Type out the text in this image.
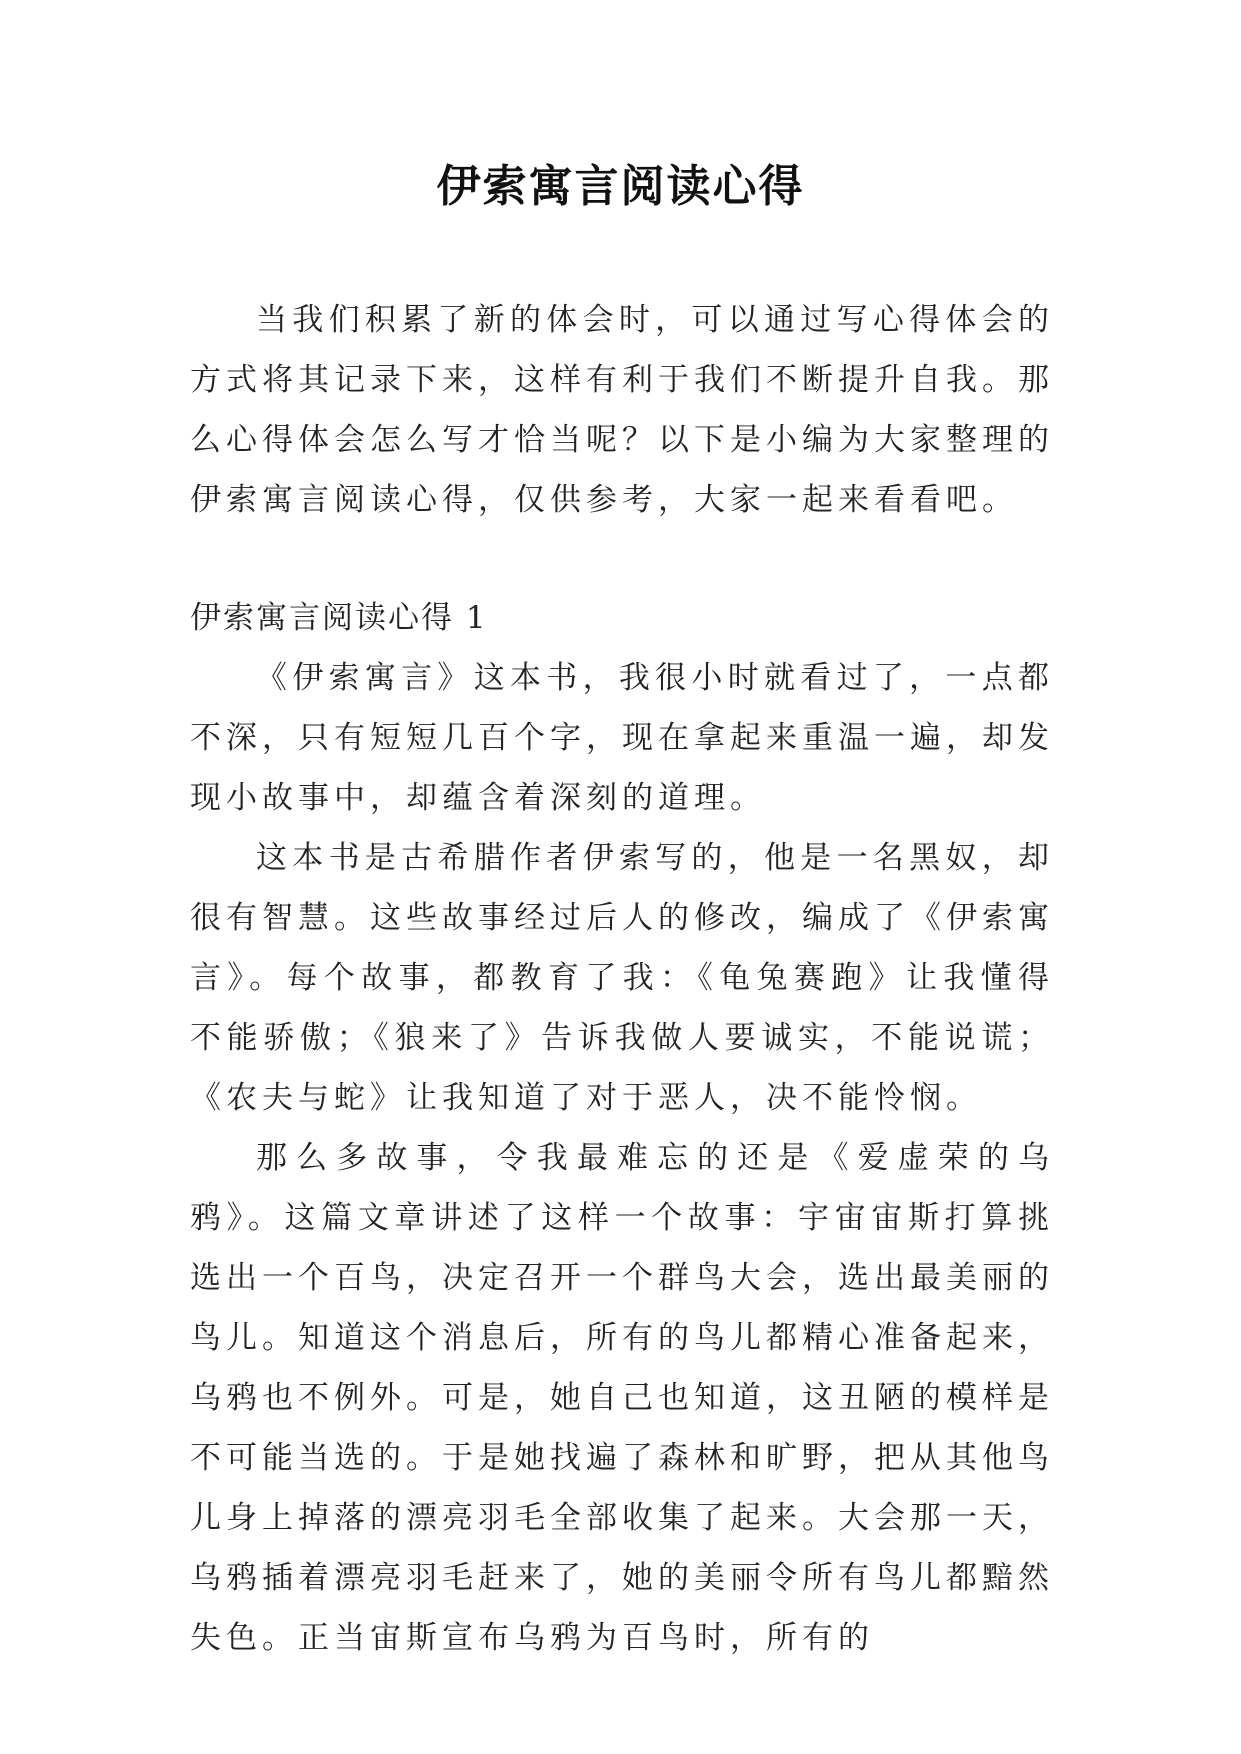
伊索寓言阅读心得

当我们积累了新的体会时，可以通过写心得体会的方式将其记录下来，这样有利于我们不断提升自我。那么心得体会怎么写才恰当呢？以下是小编为大家整理的伊索寓言阅读心得，仅供参考，大家一起来看看吧。

伊索寓言阅读心得 1

《伊索寓言》这本书，我很小时就看过了，一点都不深，只有短短几百个字，现在拿起来重温一遍，却发现小故事中，却蕴含着深刻的道理。

这本书是古希腊作者伊索写的，他是一名黑奴，却很有智慧。这些故事经过后人的修改，编成了《伊索寓言》。每个故事，都教育了我：《龟兔赛跑》让我懂得不能骄傲；《狼来了》告诉我做人要诚实，不能说谎；《农夫与蛇》让我知道了对于恶人，决不能怜悯。

那么多故事，令我最难忘的还是《爱虚荣的乌鸦》。这篇文章讲述了这样一个故事：宇宙宙斯打算挑选出一个百鸟，决定召开一个群鸟大会，选出最美丽的鸟儿。知道这个消息后，所有的鸟儿都精心准备起来，乌鸦也不例外。可是，她自己也知道，这丑陋的模样是不可能当选的。于是她找遍了森林和旷野，把从其他鸟儿身上掉落的漂亮羽毛全部收集了起来。大会那一天，乌鸦插着漂亮羽毛赶来了，她的美丽令所有鸟儿都黯然失色。正当宙斯宣布乌鸦为百鸟时，所有的
